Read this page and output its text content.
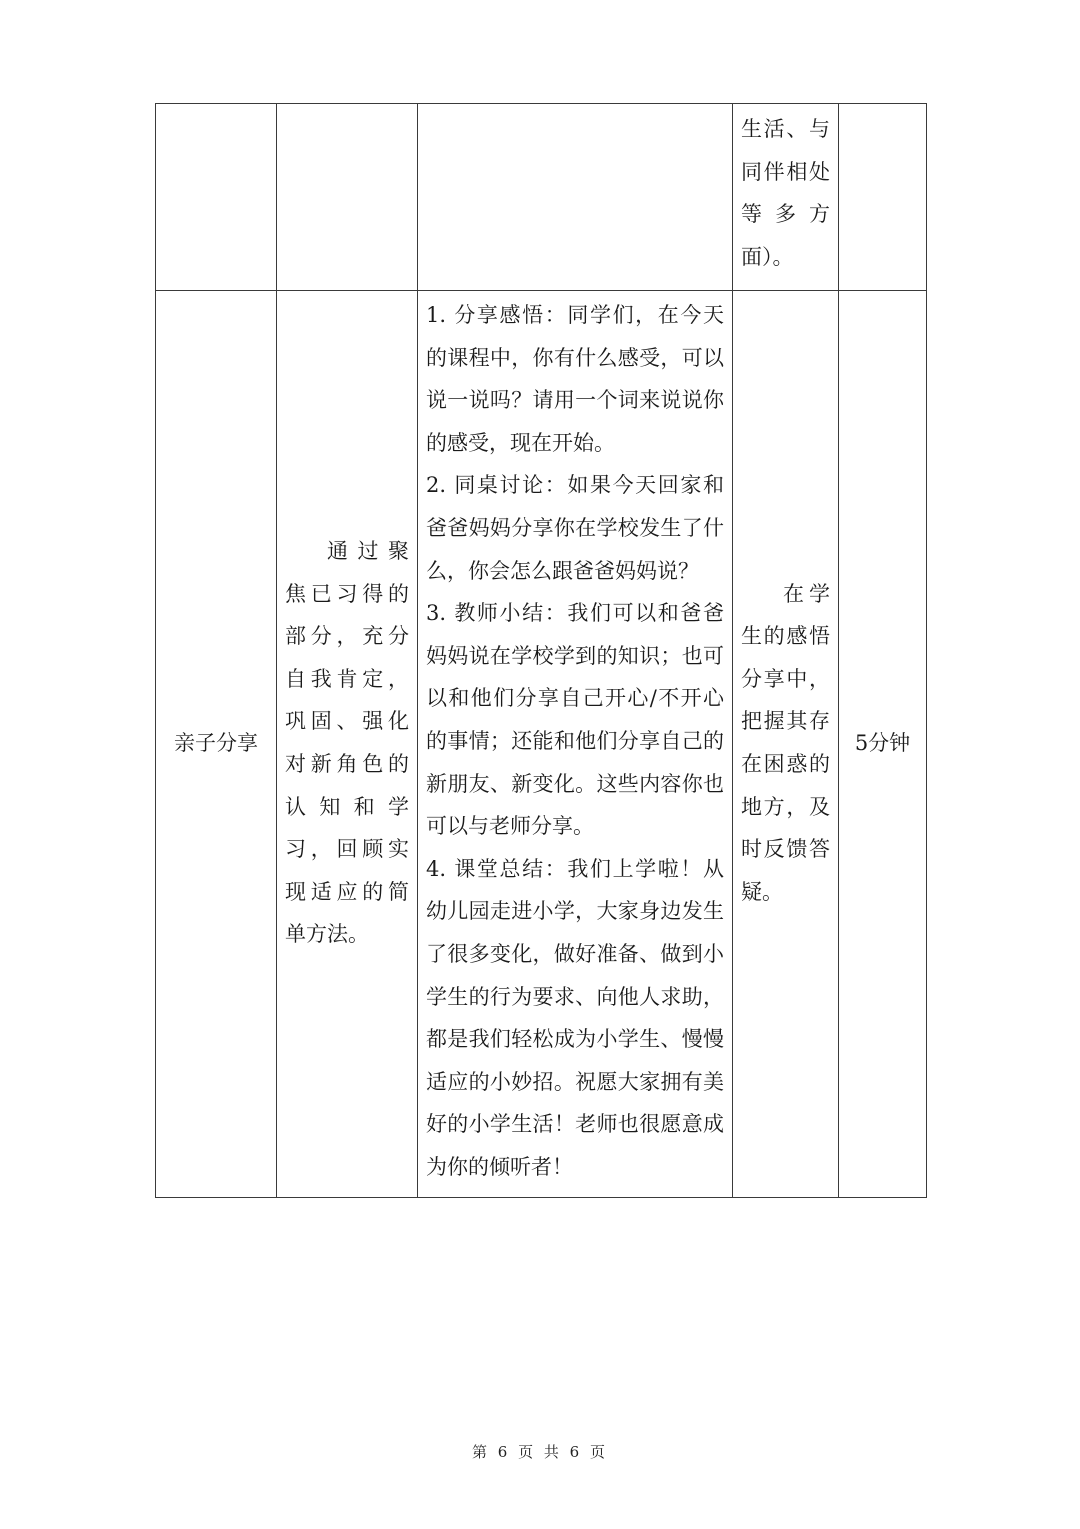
			生活、与同伴相处等多方面）。	

亲子分享	通过聚焦已习得的部分，充分自我肯定，巩固、强化对新角色的认知和学习，回顾实现适应的简单方法。	1. 分享感悟：同学们，在今天的课程中，你有什么感受，可以说一说吗？请用一个词来说说你的感受，现在开始。

2. 同桌讨论：如果今天回家和爸爸妈妈分享你在学校发生了什么，你会怎么跟爸爸妈妈说？

3. 教师小结：我们可以和爸爸妈妈说在学校学到的知识；也可以和他们分享自己开心/不开心的事情；还能和他们分享自己的新朋友、新变化。这些内容你也可以与老师分享。

4. 课堂总结：我们上学啦！从幼儿园走进小学，大家身边发生了很多变化，做好准备、做到小学生的行为要求、向他人求助，都是我们轻松成为小学生、慢慢适应的小妙招。祝愿大家拥有美好的小学生活！老师也很愿意成为你的倾听者！	在学生的感悟分享中，把握其存在困惑的地方，及时反馈答疑。	5分钟
第 6 页 共 6 页
